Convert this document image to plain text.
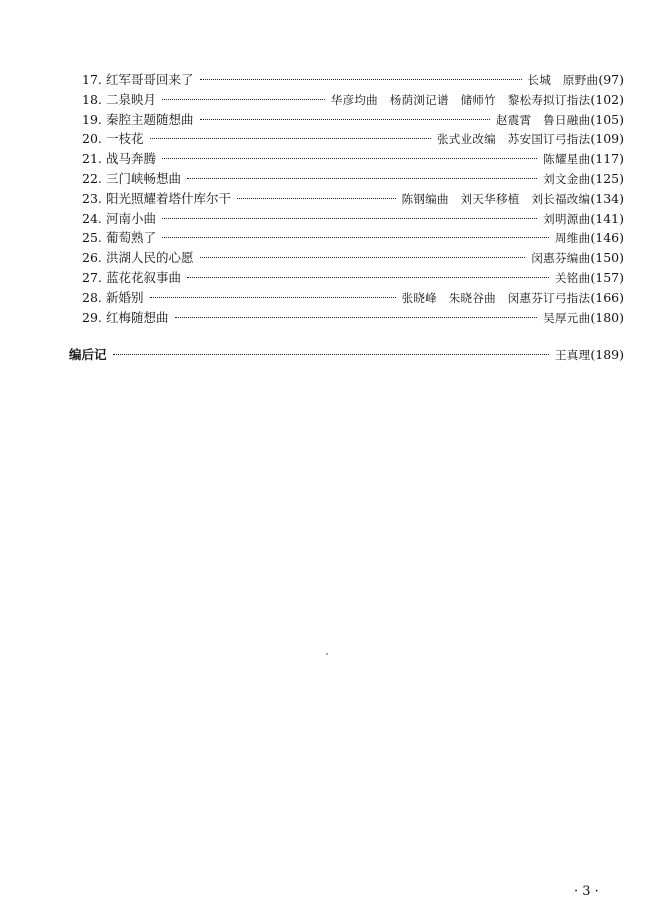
17. 红军哥哥回来了	长城　原野曲 (97)
18. 二泉映月	华彦均曲　杨荫浏记谱　储师竹　黎松寿拟订指法 (102)
19. 秦腔主题随想曲	赵震霄　鲁日融曲 (105)
20. 一枝花	张式业改编　苏安国订弓指法 (109)
21. 战马奔腾	陈耀星曲 (117)
22. 三门峡畅想曲	刘文金曲 (125)
23. 阳光照耀着塔什库尔干	陈钢编曲　刘天华移植　刘长福改编 (134)
24. 河南小曲	刘明源曲 (141)
25. 葡萄熟了	周维曲 (146)
26. 洪湖人民的心愿	闵惠芬编曲 (150)
27. 蓝花花叙事曲	关铭曲 (157)
28. 新婚别	张晓峰　朱晓谷曲　闵惠芬订弓指法 (166)
29. 红梅随想曲	吴厚元曲 (180)
编后记	王真理 (189)
· 3 ·
